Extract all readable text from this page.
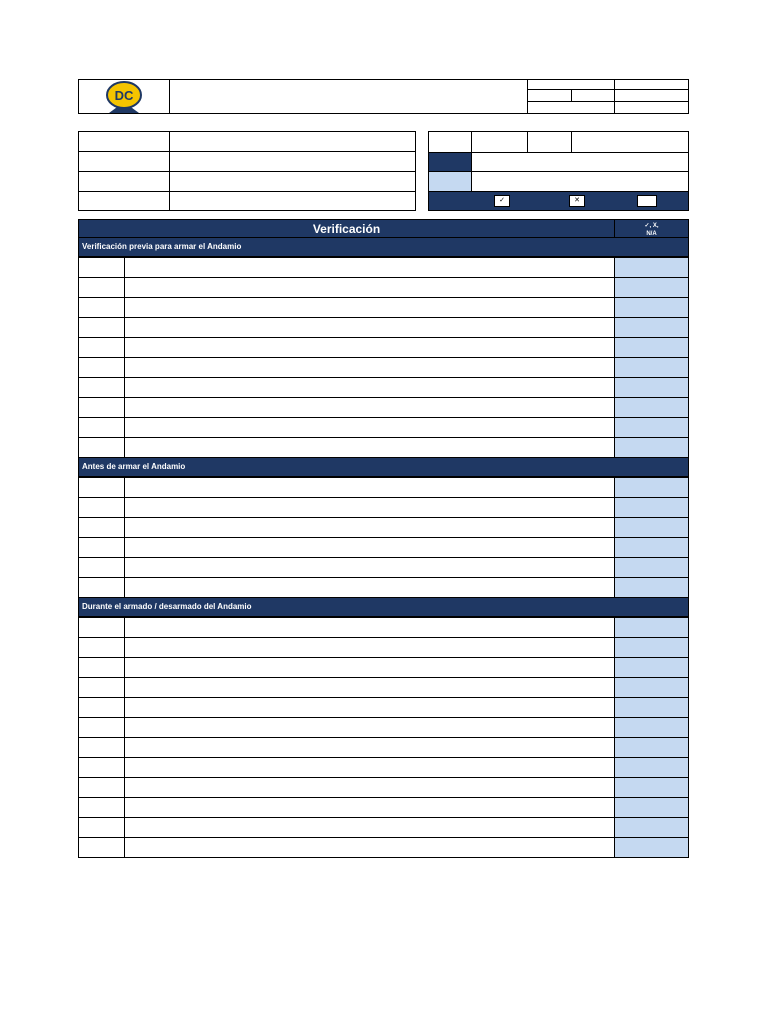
DC
✓	✕
Verificación	✓, X,
N/A
Verificación previa para armar el Andamio
Antes de armar el Andamio
Durante el armado / desarmado del Andamio
